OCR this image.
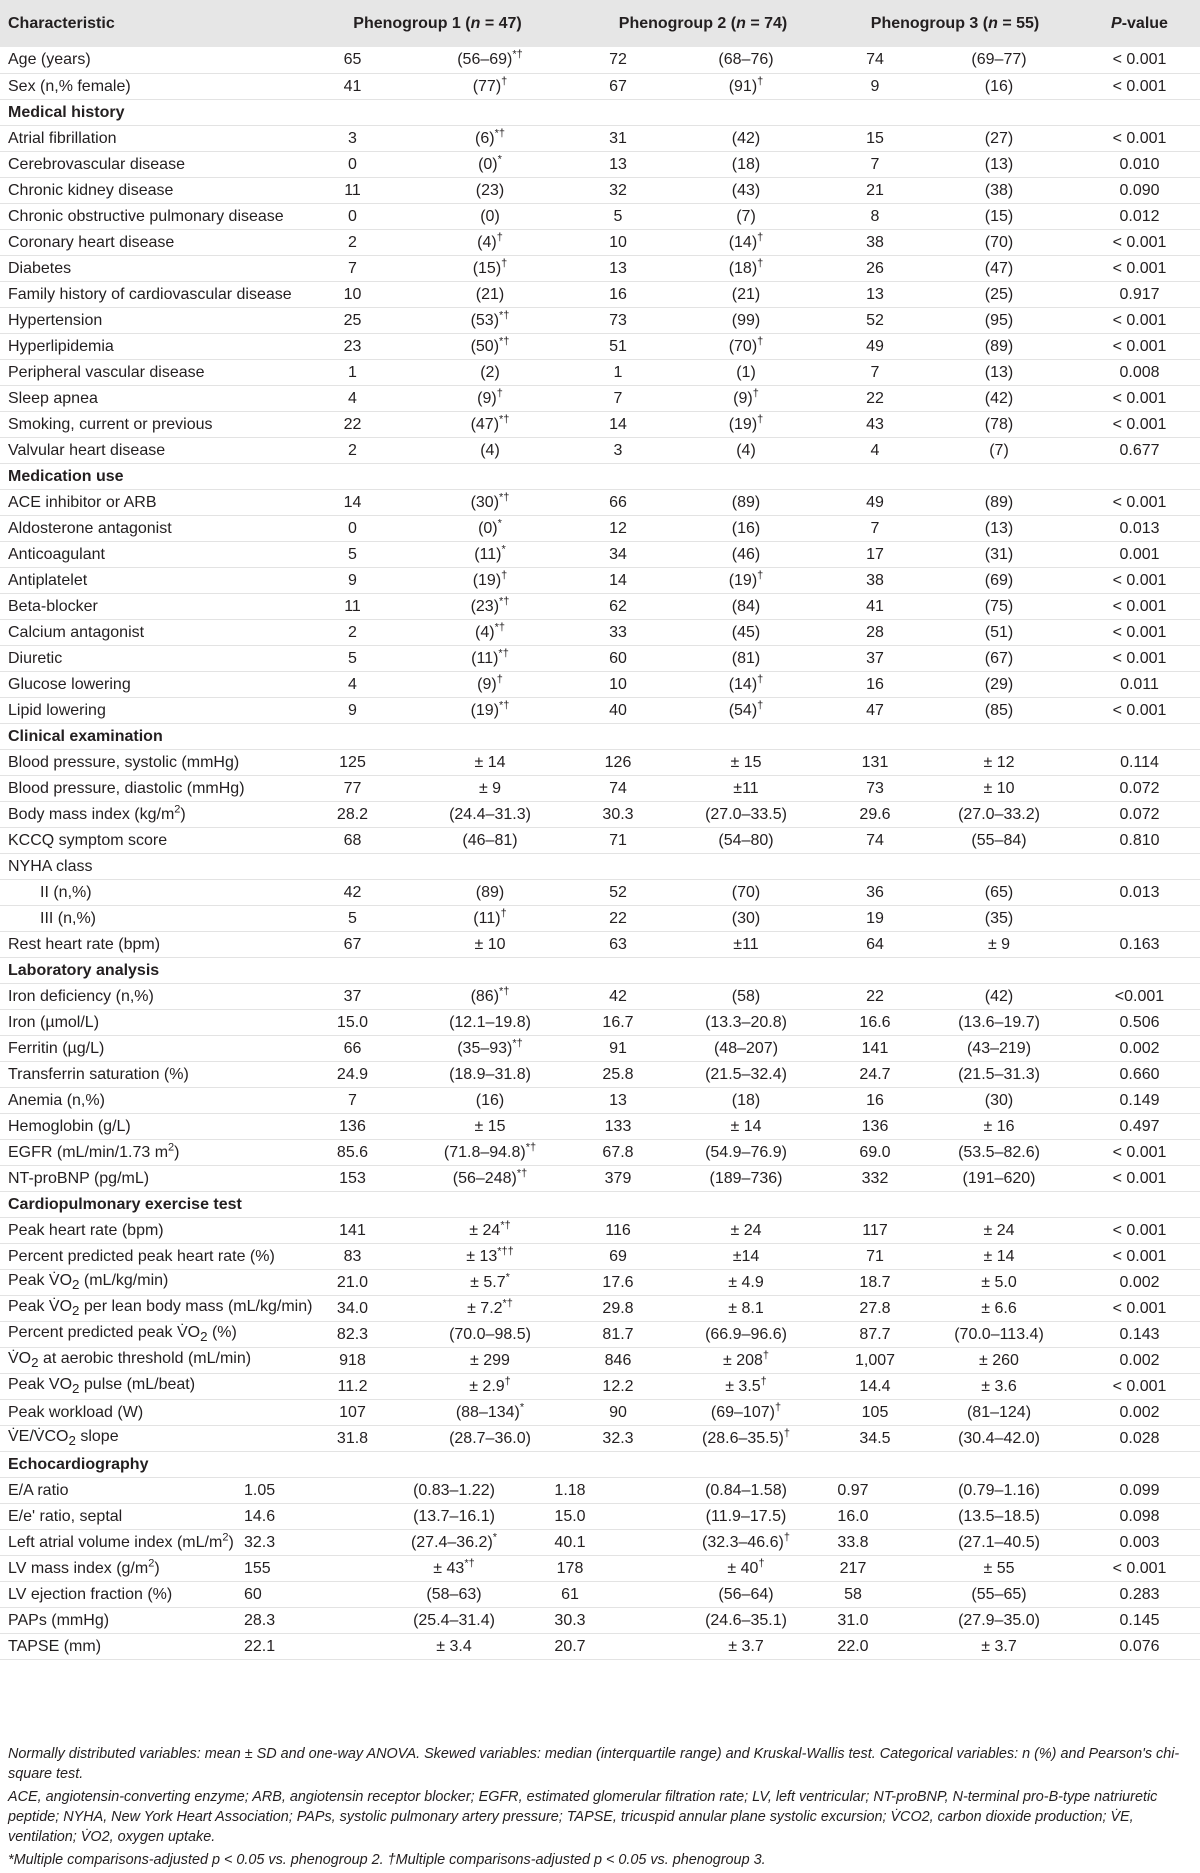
Characteristic	Phenogroup 1 (n = 47)		Phenogroup 2 (n = 74)		Phenogroup 3 (n = 55)		P-value
Age (years)	65	(56–69)*†	72	(68–76)	74	(69–77)	< 0.001
Sex (n,% female)	41	(77)†	67	(91)†	9	(16)	< 0.001
Medical history							
Atrial fibrillation	3	(6)*†	31	(42)	15	(27)	< 0.001
Cerebrovascular disease	0	(0)*	13	(18)	7	(13)	0.010
Chronic kidney disease	11	(23)	32	(43)	21	(38)	0.090
Chronic obstructive pulmonary disease	0	(0)	5	(7)	8	(15)	0.012
Coronary heart disease	2	(4)†	10	(14)†	38	(70)	< 0.001
Diabetes	7	(15)†	13	(18)†	26	(47)	< 0.001
Family history of cardiovascular disease	10	(21)	16	(21)	13	(25)	0.917
Hypertension	25	(53)*†	73	(99)	52	(95)	< 0.001
Hyperlipidemia	23	(50)*†	51	(70)†	49	(89)	< 0.001
Peripheral vascular disease	1	(2)	1	(1)	7	(13)	0.008
Sleep apnea	4	(9)†	7	(9)†	22	(42)	< 0.001
Smoking, current or previous	22	(47)*†	14	(19)†	43	(78)	< 0.001
Valvular heart disease	2	(4)	3	(4)	4	(7)	0.677
Medication use							
ACE inhibitor or ARB	14	(30)*†	66	(89)	49	(89)	< 0.001
Aldosterone antagonist	0	(0)*	12	(16)	7	(13)	0.013
Anticoagulant	5	(11)*	34	(46)	17	(31)	0.001
Antiplatelet	9	(19)†	14	(19)†	38	(69)	< 0.001
Beta-blocker	11	(23)*†	62	(84)	41	(75)	< 0.001
Calcium antagonist	2	(4)*†	33	(45)	28	(51)	< 0.001
Diuretic	5	(11)*†	60	(81)	37	(67)	< 0.001
Glucose lowering	4	(9)†	10	(14)†	16	(29)	0.011
Lipid lowering	9	(19)*†	40	(54)†	47	(85)	< 0.001
Clinical examination							
Blood pressure, systolic (mmHg)	125	± 14	126	± 15	131	± 12	0.114
Blood pressure, diastolic (mmHg)	77	± 9	74	±11	73	± 10	0.072
Body mass index $(kg/m^2)$	28.2	(24.4–31.3)	30.3	(27.0–33.5)	29.6	(27.0–33.2)	0.072
KCCQ symptom score	68	(46–81)	71	(54–80)	74	(55–84)	0.810
NYHA class							
II (n,%)	42	(89)	52	(70)	36	(65)	0.013
III (n,%)	5	(11)†	22	(30)	19	(35)	
Rest heart rate (bpm)	67	± 10	63	±11	64	± 9	0.163
Laboratory analysis							
Iron deficiency (n,%)	37	(86)*†	42	(58)	22	(42)	<0.001
Iron (µmol/L)	15.0	(12.1–19.8)	16.7	(13.3–20.8)	16.6	(13.6–19.7)	0.506
Ferritin (µg/L)	66	(35–93)*†	91	(48–207)	141	(43–219)	0.002
Transferrin saturation (%)	24.9	(18.9–31.8)	25.8	(21.5–32.4)	24.7	(21.5–31.3)	0.660
Anemia (n,%)	7	(16)	13	(18)	16	(30)	0.149
Hemoglobin (g/L)	136	± 15	133	± 14	136	± 16	0.497
EGFR (mL/min/1.73 $m^2$)	85.6	(71.8–94.8)*†	67.8	(54.9–76.9)	69.0	(53.5–82.6)	< 0.001
NT-proBNP (pg/mL)	153	(56–248)*†	379	(189–736)	332	(191–620)	< 0.001
Cardiopulmonary exercise test							
Peak heart rate (bpm)	141	± 24*†	116	± 24	117	± 24	< 0.001
Percent predicted peak heart rate (%)	83	± 13*††	69	±14	71	± 14	< 0.001
Peak $V̇O_2$ (mL/kg/min)	21.0	± 5.7*	17.6	± 4.9	18.7	± 5.0	0.002
Peak $V̇O_2$ per lean body mass (mL/kg/min)	34.0	± 7.2*†	29.8	± 8.1	27.8	± 6.6	< 0.001
Percent predicted peak $V̇O_2$ (%)	82.3	(70.0–98.5)	81.7	(66.9–96.6)	87.7	(70.0–113.4)	0.143
$V̇O_2$ at aerobic threshold (mL/min)	918	± 299	846	± 208†	1,007	± 260	0.002
Peak $VO_2$ pulse (mL/beat)	11.2	± 2.9†	12.2	± 3.5†	14.4	± 3.6	< 0.001
Peak workload (W)	107	(88–134)*	90	(69–107)†	105	(81–124)	0.002
$V̇E/V̇CO_2$ slope	31.8	(28.7–36.0)	32.3	(28.6–35.5)†	34.5	(30.4–42.0)	0.028
Echocardiography							
E/A ratio	1.05	(0.83–1.22)	1.18	(0.84–1.58)	0.97	(0.79–1.16)	0.099
E/e' ratio, septal	14.6	(13.7–16.1)	15.0	(11.9–17.5)	16.0	(13.5–18.5)	0.098
Left atrial volume index $(mL/m^2)$	32.3	(27.4–36.2)*	40.1	(32.3–46.6)†	33.8	(27.1–40.5)	0.003
LV mass index $(g/m^2)$	155	± 43*†	178	± 40†	217	± 55	< 0.001
LV ejection fraction (%)	60	(58–63)	61	(56–64)	58	(55–65)	0.283
PAPs (mmHg)	28.3	(25.4–31.4)	30.3	(24.6–35.1)	31.0	(27.9–35.0)	0.145
TAPSE (mm)	22.1	± 3.4	20.7	± 3.7	22.0	± 3.7	0.076

Normally distributed variables: mean ± SD and one-way ANOVA. Skewed variables: median (interquartile range) and Kruskal-Wallis test. Categorical variables: n (%) and Pearson's chi-square test.

ACE, angiotensin-converting enzyme; ARB, angiotensin receptor blocker; EGFR, estimated glomerular filtration rate; LV, left ventricular; NT-proBNP, N-terminal pro-B-type natriuretic peptide; NYHA, New York Heart Association; PAPs, systolic pulmonary artery pressure; TAPSE, tricuspid annular plane systolic excursion; V̇CO2, carbon dioxide production; V̇E, ventilation; V̇O2, oxygen uptake.

*Multiple comparisons-adjusted p < 0.05 vs. phenogroup 2. †Multiple comparisons-adjusted p < 0.05 vs. phenogroup 3.
